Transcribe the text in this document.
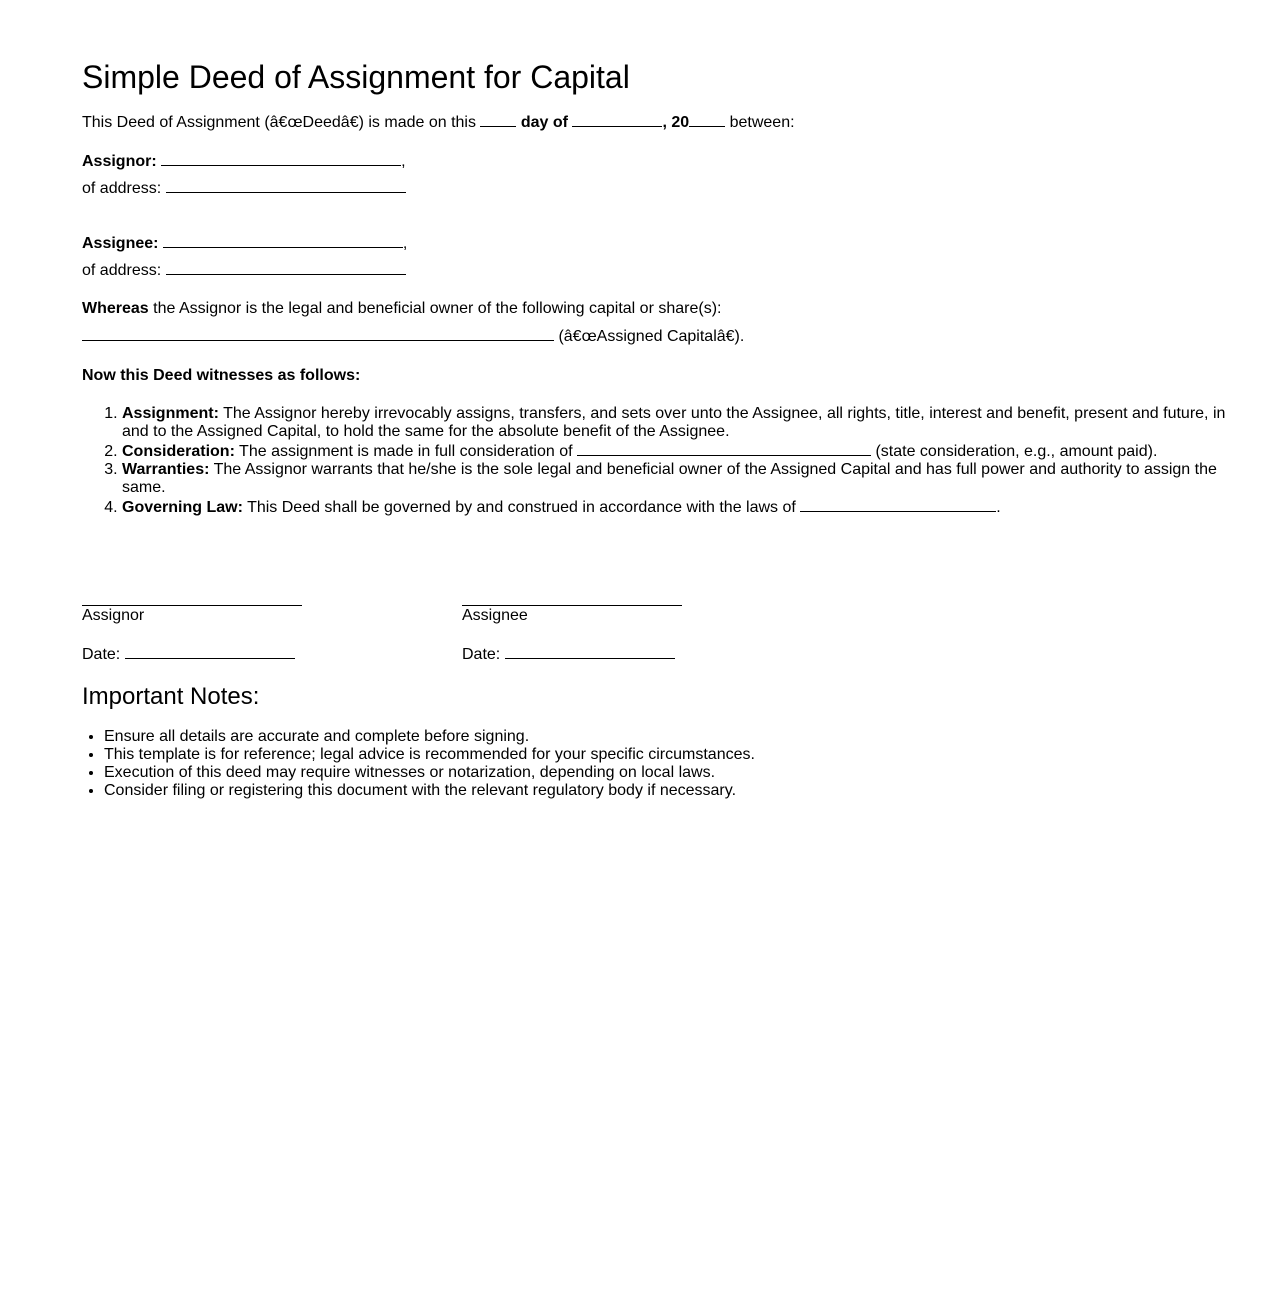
Simple Deed of Assignment for Capital
This Deed of Assignment (â€œDeedâ€) is made on this	day of	, 20	between:
Assignor:	,
of address:
Assignee:	,
of address:
Whereas the Assignor is the legal and beneficial owner of the following capital or share(s):
(â€œAssigned Capitalâ€).
Now this Deed witnesses as follows:
1. Assignment: The Assignor hereby irrevocably assigns, transfers, and sets over unto the Assignee, all rights, title, interest and benefit, present and future, in and to the Assigned Capital, to hold the same for the absolute benefit of the Assignee.
2. Consideration: The assignment is made in full consideration of	(state consideration, e.g., amount paid).
3. Warranties: The Assignor warrants that he/she is the sole legal and beneficial owner of the Assigned Capital and has full power and authority to assign the same.
4. Governing Law: This Deed shall be governed by and construed in accordance with the laws of	.
Assignor	Assignee
Date:	Date:
Important Notes:
• Ensure all details are accurate and complete before signing.
• This template is for reference; legal advice is recommended for your specific circumstances.
• Execution of this deed may require witnesses or notarization, depending on local laws.
• Consider filing or registering this document with the relevant regulatory body if necessary.
